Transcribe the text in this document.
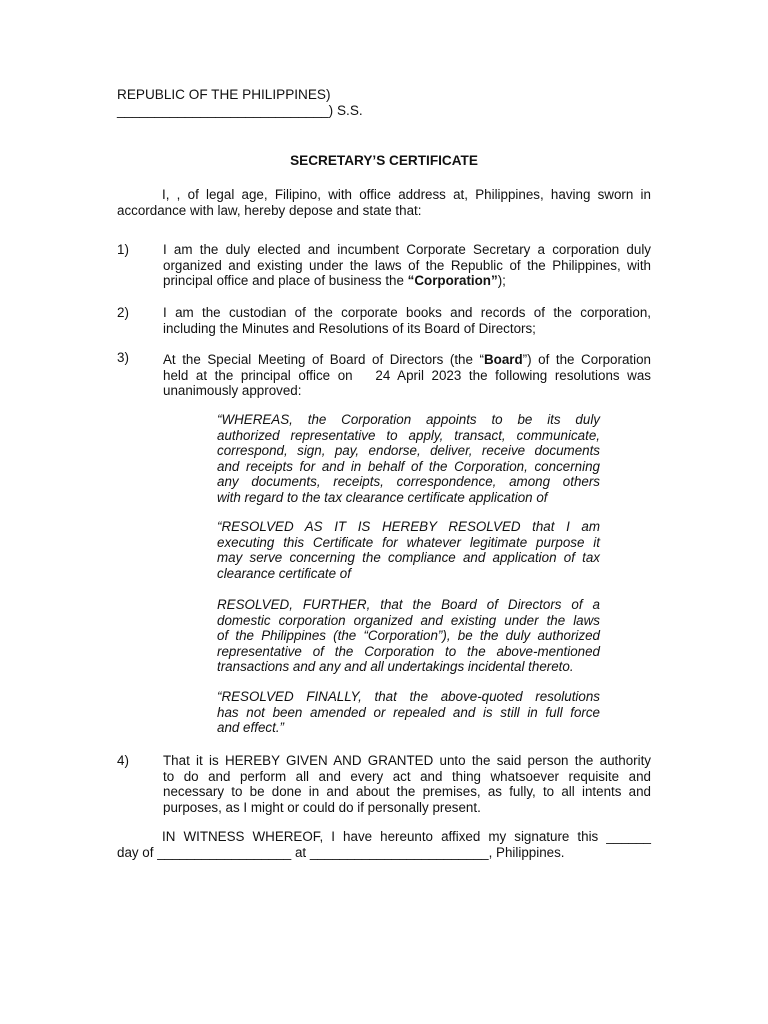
REPUBLIC OF THE PHILIPPINES)
____________________________) S.S.
SECRETARY’S CERTIFICATE
I, , of legal age, Filipino, with office address at, Philippines, having sworn in
accordance with law, hereby depose and state that:
1)	I am the duly elected and incumbent Corporate Secretary a corporation duly
organized and existing under the laws of the Republic of the Philippines, with
principal office and place of business the “Corporation”);
2)	I am the custodian of the corporate books and records of the corporation,
including the Minutes and Resolutions of its Board of Directors;
3)	At the Special Meeting of Board of Directors (the “Board”) of the Corporation
held at the principal office on   24 April 2023 the following resolutions was
unanimously approved:
“WHEREAS, the Corporation appoints to be its duly
authorized representative to apply, transact, communicate,
correspond, sign, pay, endorse, deliver, receive documents
and receipts for and in behalf of the Corporation, concerning
any documents, receipts, correspondence, among others
with regard to the tax clearance certificate application of
“RESOLVED AS IT IS HEREBY RESOLVED that I am
executing this Certificate for whatever legitimate purpose it
may serve concerning the compliance and application of tax
clearance certificate of
RESOLVED, FURTHER, that the Board of Directors of a
domestic corporation organized and existing under the laws
of the Philippines (the “Corporation”), be the duly authorized
representative of the Corporation to the above-mentioned
transactions and any and all undertakings incidental thereto.
“RESOLVED FINALLY, that the above-quoted resolutions
has not been amended or repealed and is still in full force
and effect.”
4)	That it is HEREBY GIVEN AND GRANTED unto the said person the authority
to do and perform all and every act and thing whatsoever requisite and
necessary to be done in and about the premises, as fully, to all intents and
purposes, as I might or could do if personally present.
IN WITNESS WHEREOF, I have hereunto affixed my signature this ______
day of __________________ at ________________________, Philippines.
